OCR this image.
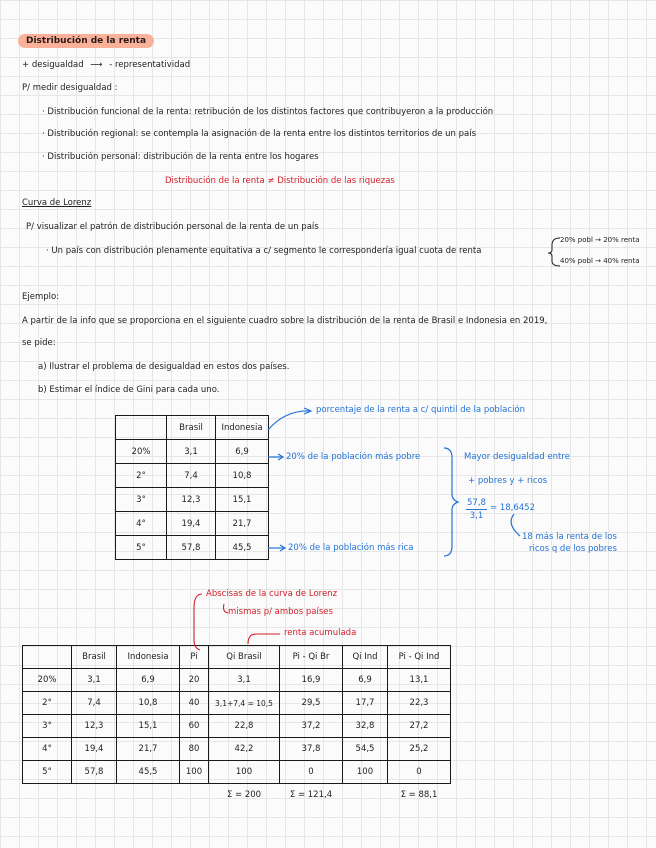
Distribución de la renta
+ desigualdad ⟶ - representatividad
P/ medir desigualdad :
· Distribución funcional de la renta: retribución de los distintos factores que contribuyeron a la producción
· Distribución regional: se contempla la asignación de la renta entre los distintos territorios de un país
· Distribución personal: distribución de la renta entre los hogares
Distribución de la renta ≠ Distribución de las riquezas
Curva de Lorenz
P/ visualizar el patrón de distribución personal de la renta de un país
· Un país con distribución plenamente equitativa a c/ segmento le correspondería igual cuota de renta
20% pobl → 20% renta
40% pobl → 40% renta
Ejemplo:
A partir de la info que se proporciona en el siguiente cuadro sobre la distribución de la renta de Brasil e Indonesia en 2019,
se pide:
a) Ilustrar el problema de desigualdad en estos dos países.
b) Estimar el índice de Gini para cada uno.
	Brasil	Indonesia
20%	3,1	6,9
2°	7,4	10,8
3°	12,3	15,1
4°	19,4	21,7
5°	57,8	45,5
porcentaje de la renta a c/ quintil de la población
20% de la población más pobre
20% de la población más rica
Mayor desigualdad entre
+ pobres y + ricos
$\frac{57,8}{3,1}$ ≃ 18,6452
18 más la renta de los
ricos q de los pobres
Abscisas de la curva de Lorenz
mismas p/ ambos países
renta acumulada
	Brasil	Indonesia	Pi	Qi Brasil	Pi - Qi Br	Qi Ind	Pi - Qi Ind
20%	3,1	6,9	20	3,1	16,9	6,9	13,1
2°	7,4	10,8	40	3,1+7,4 = 10,5	29,5	17,7	22,3
3°	12,3	15,1	60	22,8	37,2	32,8	27,2
4°	19,4	21,7	80	42,2	37,8	54,5	25,2
5°	57,8	45,5	100	100	0	100	0
				Σ = 200	Σ = 121,4		Σ = 88,1
